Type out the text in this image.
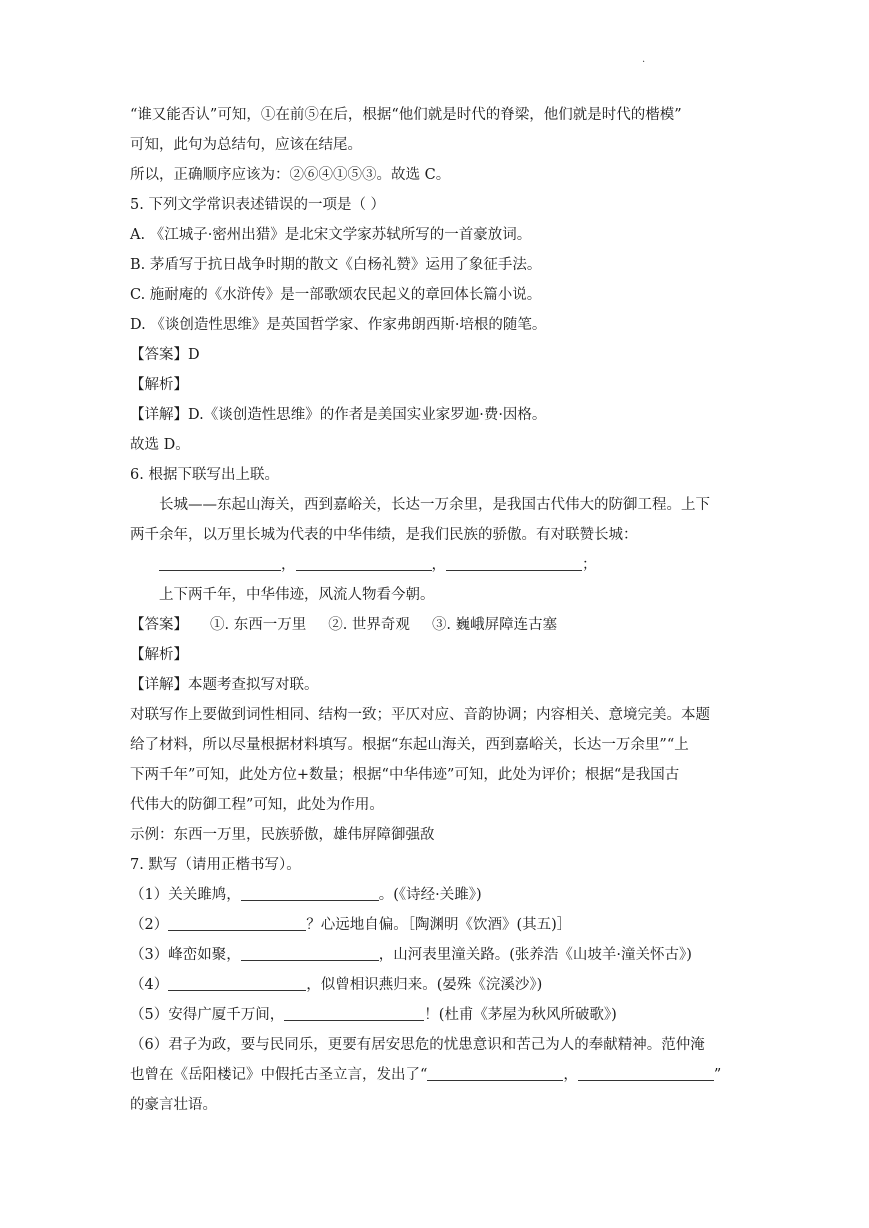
.
“谁又能否认”可知，①在前⑤在后，根据“他们就是时代的脊梁，他们就是时代的楷模”
可知，此句为总结句，应该在结尾。
所以，正确顺序应该为：②⑥④①⑤③。故选 C。
5. 下列文学常识表述错误的一项是（ ）
A. 《江城子·密州出猎》是北宋文学家苏轼所写的一首豪放词。
B. 茅盾写于抗日战争时期的散文《白杨礼赞》运用了象征手法。
C. 施耐庵的《水浒传》是一部歌颂农民起义的章回体长篇小说。
D. 《谈创造性思维》是英国哲学家、作家弗朗西斯·培根的随笔。
【答案】D
【解析】
【详解】D.《谈创造性思维》的作者是美国实业家罗迦·费·因格。
故选 D。
6. 根据下联写出上联。
长城——东起山海关，西到嘉峪关，长达一万余里，是我国古代伟大的防御工程。上下
两千余年，以万里长城为代表的中华伟绩，是我们民族的骄傲。有对联赞长城：
，	，	；
上下两千年，中华伟迹，风流人物看今朝。
【答案】 ①. 东西一万里 ②. 世界奇观 ③. 巍峨屏障连古塞
【解析】
【详解】本题考查拟写对联。
对联写作上要做到词性相同、结构一致；平仄对应、音韵协调；内容相关、意境完美。本题
给了材料，所以尽量根据材料填写。根据“东起山海关，西到嘉峪关，长达一万余里”“上
下两千年”可知，此处方位+数量；根据“中华伟迹”可知，此处为评价；根据“是我国古
代伟大的防御工程”可知，此处为作用。
示例：东西一万里，民族骄傲，雄伟屏障御强敌
7. 默写（请用正楷书写）。
（1）关关雎鸠，	。(《诗经·关雎》)
（2）	？心远地自偏。［陶渊明《饮酒》(其五)］
（3）峰峦如聚，	，山河表里潼关路。(张养浩《山坡羊·潼关怀古》)
（4）	，似曾相识燕归来。(晏殊《浣溪沙》)
（5）安得广厦千万间，	！(杜甫《茅屋为秋风所破歌》)
（6）君子为政，要与民同乐，更要有居安思危的忧患意识和苦己为人的奉献精神。范仲淹
也曾在《岳阳楼记》中假托古圣立言，发出了“	，	”
的豪言壮语。
